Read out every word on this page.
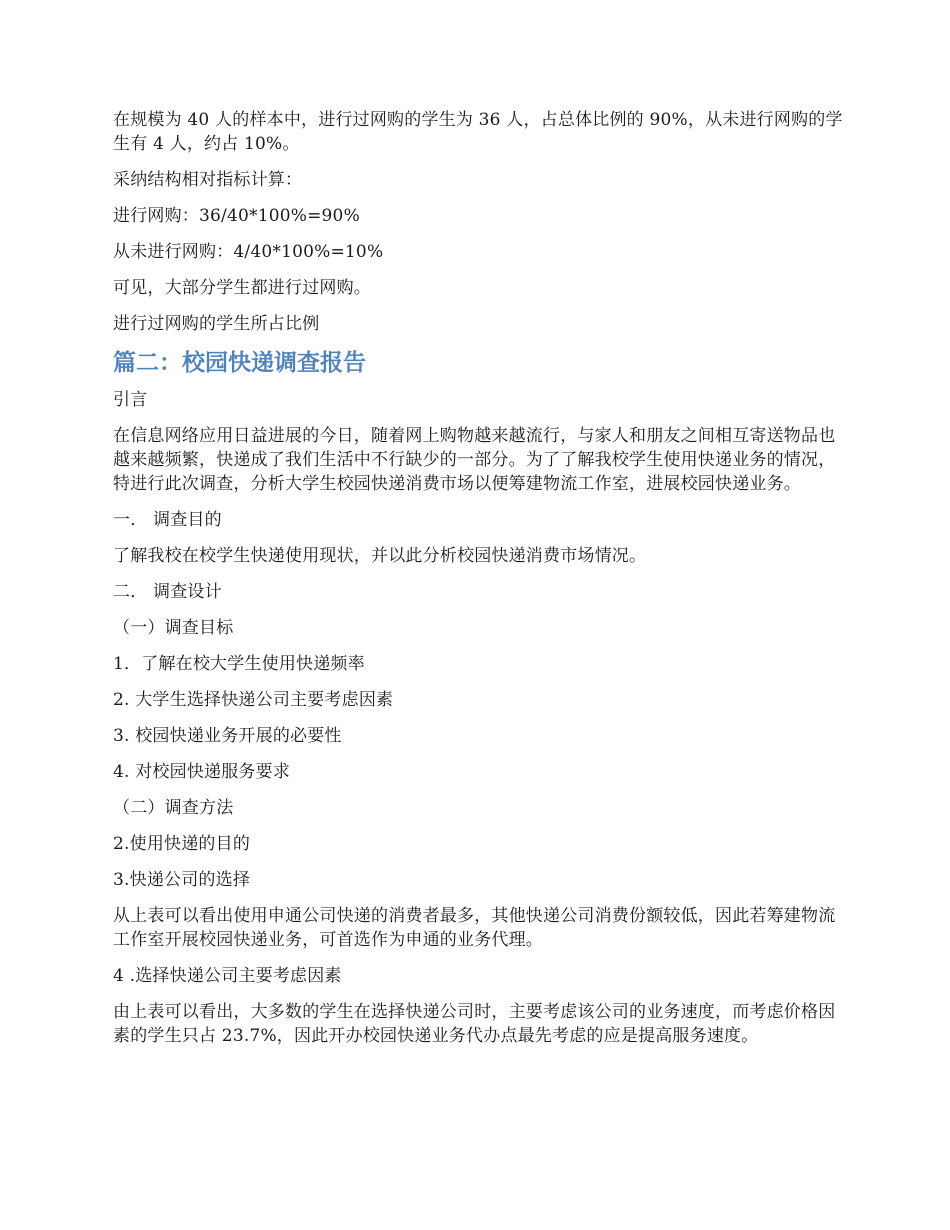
在规模为 40 人的样本中，进行过网购的学生为 36 人，占总体比例的 90%，从未进行网购的学生有 4 人，约占 10%。

采纳结构相对指标计算：

进行网购：36/40*100%=90%

从未进行网购：4/40*100%=10%

可见，大部分学生都进行过网购。

进行过网购的学生所占比例

篇二：校园快递调查报告

引言

在信息网络应用日益进展的今日，随着网上购物越来越流行，与家人和朋友之间相互寄送物品也越来越频繁，快递成了我们生活中不行缺少的一部分。为了了解我校学生使用快递业务的情况，特进行此次调查，分析大学生校园快递消费市场以便筹建物流工作室，进展校园快递业务。

一． 调查目的

了解我校在校学生快递使用现状，并以此分析校园快递消费市场情况。

二． 调查设计

（一）调查目标

1．了解在校大学生使用快递频率

2. 大学生选择快递公司主要考虑因素

3. 校园快递业务开展的必要性

4. 对校园快递服务要求

（二）调查方法

2.使用快递的目的

3.快递公司的选择

从上表可以看出使用申通公司快递的消费者最多，其他快递公司消费份额较低，因此若筹建物流工作室开展校园快递业务，可首选作为申通的业务代理。

4 .选择快递公司主要考虑因素

由上表可以看出，大多数的学生在选择快递公司时，主要考虑该公司的业务速度，而考虑价格因素的学生只占 23.7%，因此开办校园快递业务代办点最先考虑的应是提高服务速度。
